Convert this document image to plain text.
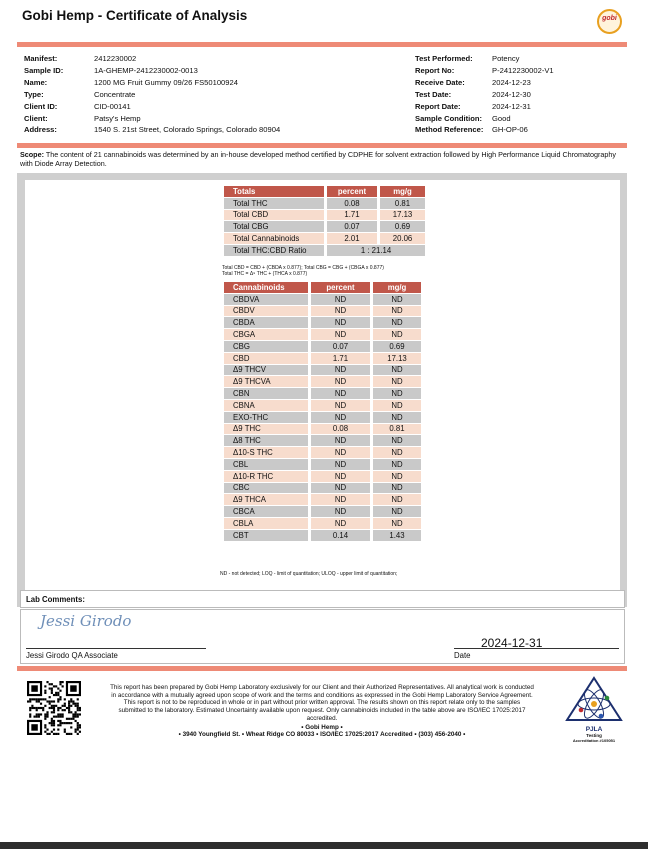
Gobi Hemp - Certificate of Analysis	gobi
Manifest:	2412230002
Sample ID:	1A-GHEMP-2412230002-0013
Name:	1200 MG Fruit Gummy 09/26 FS50100924
Type:	Concentrate
Client ID:	CID-00141
Client:	Patsy's Hemp
Address:	1540 S. 21st Street, Colorado Springs, Colorado 80904
Test Performed:	Potency
Report No:	P-2412230002-V1
Receive Date:	2024-12-23
Test Date:	2024-12-30
Report Date:	2024-12-31
Sample Condition:	Good
Method Reference:	GH-OP-06
Scope: The content of 21 cannabinoids was determined by an in-house developed method certified by CDPHE for solvent extraction followed by High Performance Liquid Chromatography with Diode Array Detection.
Totals	percent	mg/g
Total THC	0.08	0.81
Total CBD	1.71	17.13
Total CBG	0.07	0.69
Total Cannabinoids	2.01	20.06
Total THC:CBD Ratio	1 : 21.14	
Total CBD = CBD + (CBDA x 0.877); Total CBG = CBG + (CBGA x 0.877)
Total THC = Δ⁹ THC + (THCA x 0.877)
Cannabinoids	percent	mg/g
CBDVA	ND	ND
CBDV	ND	ND
CBDA	ND	ND
CBGA	ND	ND
CBG	0.07	0.69
CBD	1.71	17.13
Δ9 THCV	ND	ND
Δ9 THCVA	ND	ND
CBN	ND	ND
CBNA	ND	ND
EXO-THC	ND	ND
Δ9 THC	0.08	0.81
Δ8 THC	ND	ND
Δ10-S THC	ND	ND
CBL	ND	ND
Δ10-R THC	ND	ND
CBC	ND	ND
Δ9 THCA	ND	ND
CBCA	ND	ND
CBLA	ND	ND
CBT	0.14	1.43
ND - not detected; LOQ - limit of quantitation; ULOQ - upper limit of quantitation;
Lab Comments:
Jessi Girodo
Jessi Girodo QA Associate
2024-12-31
Date
This report has been prepared by Gobi Hemp Laboratory exclusively for our Client and their Authorized Representatives. All analytical work is conducted in accordance with a mutually agreed upon scope of work and the terms and conditions as expressed in the Gobi Hemp Laboratory Service Agreement. This report is not to be reproduced in whole or in part without prior written approval. The results shown on this report relate only to the samples submitted to the laboratory. Estimated Uncertainty available upon request. Only cannabinoids included in the table above are ISO/IEC 17025:2017 accredited.
• Gobi Hemp •
• 3940 Youngfield St. • Wheat Ridge CO 80033 • ISO/IEC 17025:2017 Accredited • (303) 456-2040 •
PJLA
Testing
Accreditation #105051
